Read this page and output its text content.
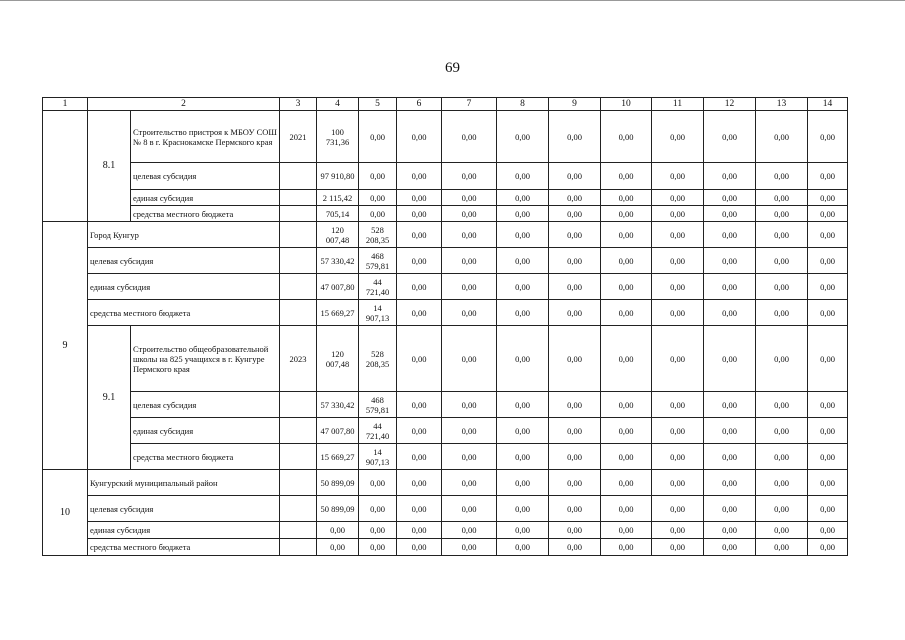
69
1	2		3	4	5	6	7	8	9	10	11	12	13	14
	8.1	Строительство пристроя к МБОУ СОШ № 8 в г. Краснокамске Пермского края	2021	100 731,36	0,00	0,00	0,00	0,00	0,00	0,00	0,00	0,00	0,00	0,00
		целевая субсидия		97 910,80	0,00	0,00	0,00	0,00	0,00	0,00	0,00	0,00	0,00	0,00
		единая субсидия		2 115,42	0,00	0,00	0,00	0,00	0,00	0,00	0,00	0,00	0,00	0,00
		средства местного бюджета		705,14	0,00	0,00	0,00	0,00	0,00	0,00	0,00	0,00	0,00	0,00
9	Город Кунгур			120 007,48	528 208,35	0,00	0,00	0,00	0,00	0,00	0,00	0,00	0,00	0,00
	целевая субсидия			57 330,42	468 579,81	0,00	0,00	0,00	0,00	0,00	0,00	0,00	0,00	0,00
	единая субсидия			47 007,80	44 721,40	0,00	0,00	0,00	0,00	0,00	0,00	0,00	0,00	0,00
	средства местного бюджета			15 669,27	14 907,13	0,00	0,00	0,00	0,00	0,00	0,00	0,00	0,00	0,00
	9.1	Строительство общеобразовательной школы на 825 учащихся в г. Кунгуре Пермского края	2023	120 007,48	528 208,35	0,00	0,00	0,00	0,00	0,00	0,00	0,00	0,00	0,00
		целевая субсидия		57 330,42	468 579,81	0,00	0,00	0,00	0,00	0,00	0,00	0,00	0,00	0,00
		единая субсидия		47 007,80	44 721,40	0,00	0,00	0,00	0,00	0,00	0,00	0,00	0,00	0,00
		средства местного бюджета		15 669,27	14 907,13	0,00	0,00	0,00	0,00	0,00	0,00	0,00	0,00	0,00
10	Кунгурский муниципальный район			50 899,09	0,00	0,00	0,00	0,00	0,00	0,00	0,00	0,00	0,00	0,00
	целевая субсидия			50 899,09	0,00	0,00	0,00	0,00	0,00	0,00	0,00	0,00	0,00	0,00
	единая субсидия			0,00	0,00	0,00	0,00	0,00	0,00	0,00	0,00	0,00	0,00	0,00
	средства местного бюджета			0,00	0,00	0,00	0,00	0,00	0,00	0,00	0,00	0,00	0,00	0,00
